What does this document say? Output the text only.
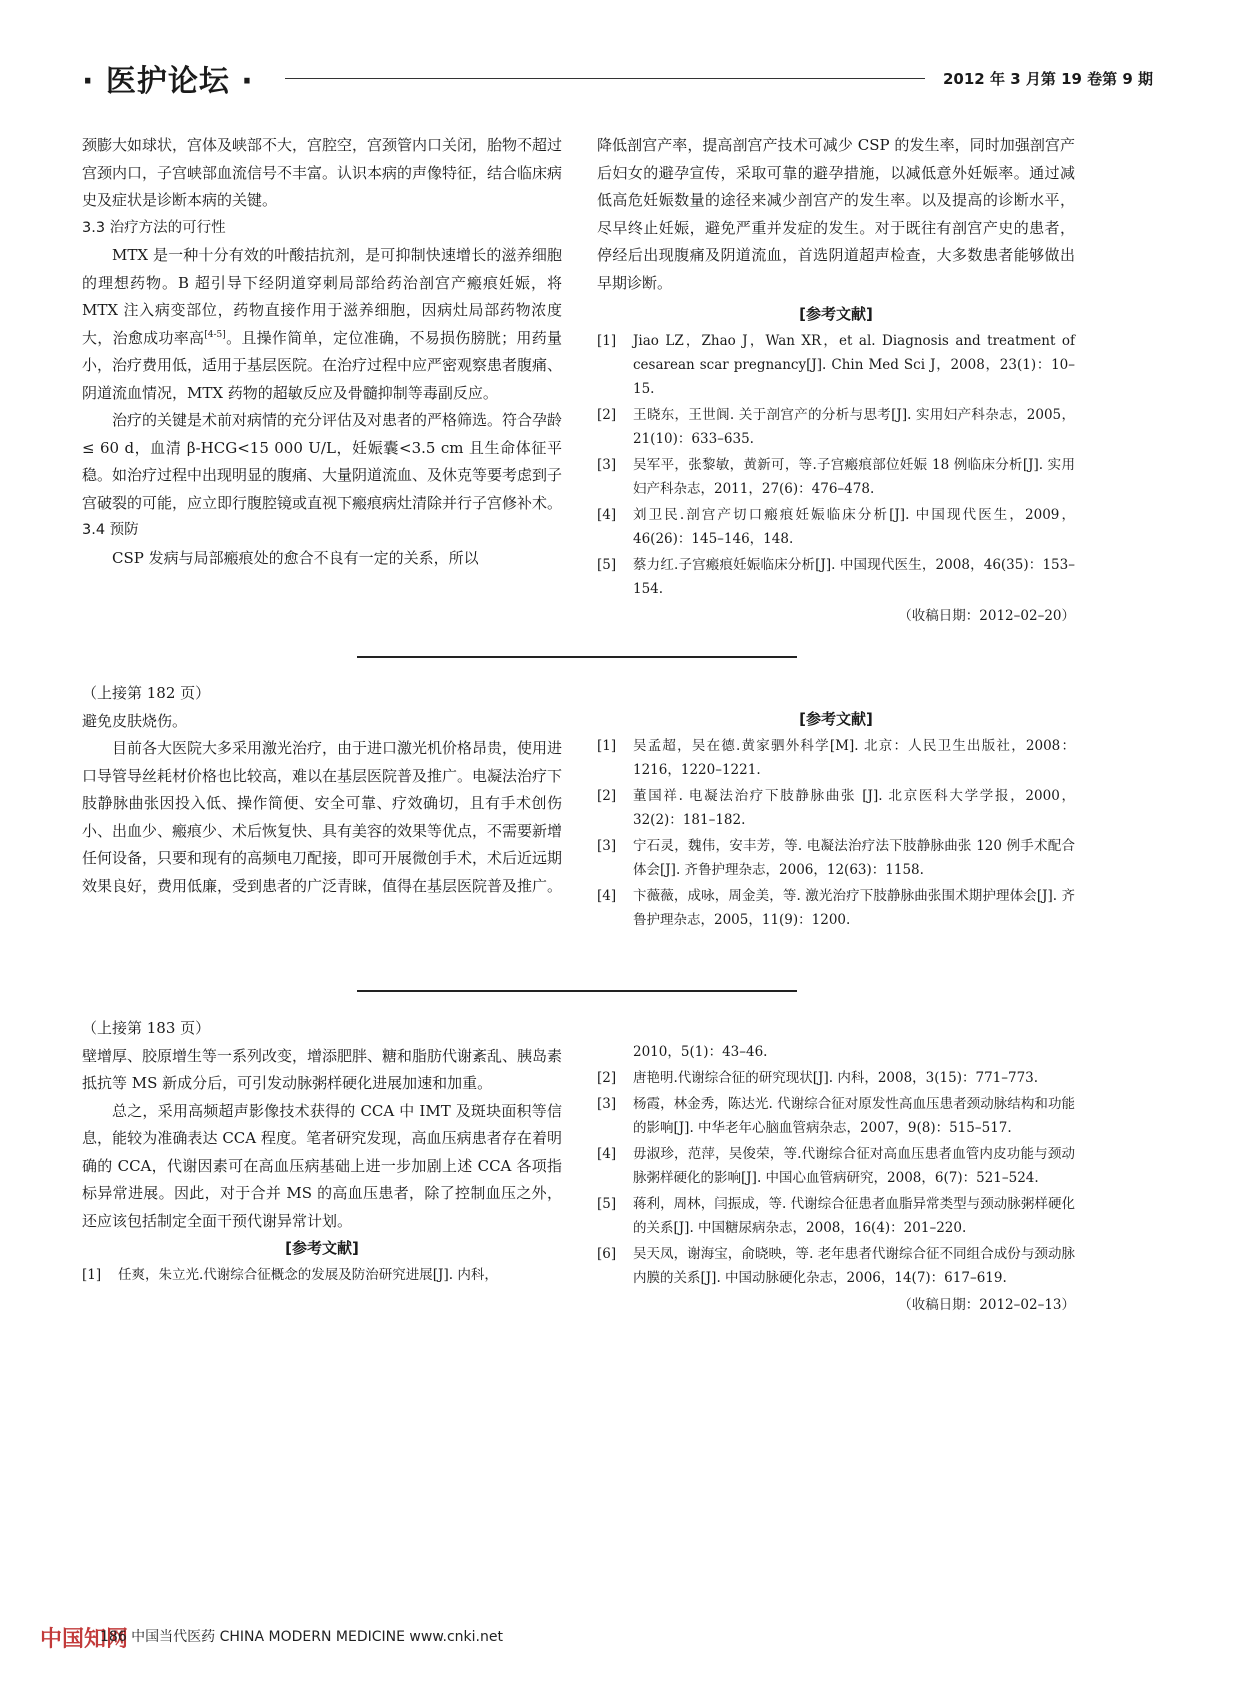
· 医护论坛 ·	2012 年 3 月第 19 卷第 9 期

颈膨大如球状，宫体及峡部不大，宫腔空，宫颈管内口关闭，胎物不超过宫颈内口，子宫峡部血流信号不丰富。认识本病的声像特征，结合临床病史及症状是诊断本病的关键。

3.3 治疗方法的可行性

MTX 是一种十分有效的叶酸拮抗剂，是可抑制快速增长的滋养细胞的理想药物。B 超引导下经阴道穿刺局部给药治剖宫产瘢痕妊娠，将 MTX 注入病变部位，药物直接作用于滋养细胞，因病灶局部药物浓度大，治愈成功率高[4-5]。且操作简单，定位准确，不易损伤膀胱；用药量小，治疗费用低，适用于基层医院。在治疗过程中应严密观察患者腹痛、阴道流血情况，MTX 药物的超敏反应及骨髓抑制等毒副反应。

治疗的关键是术前对病情的充分评估及对患者的严格筛选。符合孕龄 ≤ 60 d，血清 β-HCG<15 000 U/L，妊娠囊<3.5 cm 且生命体征平稳。如治疗过程中出现明显的腹痛、大量阴道流血、及休克等要考虑到子宫破裂的可能，应立即行腹腔镜或直视下瘢痕病灶清除并行子宫修补术。

3.4 预防

CSP 发病与局部瘢痕处的愈合不良有一定的关系，所以

降低剖宫产率，提高剖宫产技术可减少 CSP 的发生率，同时加强剖宫产后妇女的避孕宣传，采取可靠的避孕措施，以减低意外妊娠率。通过减低高危妊娠数量的途径来减少剖宫产的发生率。以及提高的诊断水平，尽早终止妊娠，避免严重并发症的发生。对于既往有剖宫产史的患者，停经后出现腹痛及阴道流血，首选阴道超声检查，大多数患者能够做出早期诊断。

[参考文献]

[1] Jiao LZ，Zhao J，Wan XR，et al. Diagnosis and treatment of cesarean scar pregnancy[J]. Chin Med Sci J，2008，23(1)：10–15.
[2] 王晓东，王世阆. 关于剖宫产的分析与思考[J]. 实用妇产科杂志，2005，21(10)：633–635.
[3] 吴军平，张黎敏，黄新可，等.子宫瘢痕部位妊娠 18 例临床分析[J]. 实用妇产科杂志，2011，27(6)：476–478.
[4] 刘卫民.剖宫产切口瘢痕妊娠临床分析[J]. 中国现代医生，2009，46(26)：145–146，148.
[5] 蔡力红.子宫瘢痕妊娠临床分析[J]. 中国现代医生，2008，46(35)：153–154.

（收稿日期：2012–02–20）

（上接第 182 页）

避免皮肤烧伤。

目前各大医院大多采用激光治疗，由于进口激光机价格昂贵，使用进口导管导丝耗材价格也比较高，难以在基层医院普及推广。电凝法治疗下肢静脉曲张因投入低、操作简便、安全可靠、疗效确切，且有手术创伤小、出血少、瘢痕少、术后恢复快、具有美容的效果等优点，不需要新增任何设备，只要和现有的高频电刀配接，即可开展微创手术，术后近远期效果良好，费用低廉，受到患者的广泛青睐，值得在基层医院普及推广。

[参考文献]

[1] 吴孟超，吴在德.黄家驷外科学[M]. 北京：人民卫生出版社，2008：1216，1220–1221.
[2] 董国祥. 电凝法治疗下肢静脉曲张 [J]. 北京医科大学学报，2000，32(2)：181–182.
[3] 宁石灵，魏伟，安丰芳，等. 电凝法治疗法下肢静脉曲张 120 例手术配合体会[J]. 齐鲁护理杂志，2006，12(63)：1158.
[4] 卞薇薇，成咏，周金美，等. 激光治疗下肢静脉曲张围术期护理体会[J]. 齐鲁护理杂志，2005，11(9)：1200.

（上接第 183 页）

壁增厚、胶原增生等一系列改变，增添肥胖、糖和脂肪代谢紊乱、胰岛素抵抗等 MS 新成分后，可引发动脉粥样硬化进展加速和加重。

总之，采用高频超声影像技术获得的 CCA 中 IMT 及斑块面积等信息，能较为准确表达 CCA 程度。笔者研究发现，高血压病患者存在着明确的 CCA，代谢因素可在高血压病基础上进一步加剧上述 CCA 各项指标异常进展。因此，对于合并 MS 的高血压患者，除了控制血压之外，还应该包括制定全面干预代谢异常计划。

[参考文献]

[1] 任爽，朱立光.代谢综合征概念的发展及防治研究进展[J]. 内科，
2010，5(1)：43–46.
[2] 唐艳明.代谢综合征的研究现状[J]. 内科，2008，3(15)：771–773.
[3] 杨霞，林金秀，陈达光. 代谢综合征对原发性高血压患者颈动脉结构和功能的影响[J]. 中华老年心脑血管病杂志，2007，9(8)：515–517.
[4] 毋淑珍，范萍，吴俊荣，等.代谢综合征对高血压患者血管内皮功能与颈动脉粥样硬化的影响[J]. 中国心血管病研究，2008，6(7)：521–524.
[5] 蒋利，周林，闫振成，等. 代谢综合征患者血脂异常类型与颈动脉粥样硬化的关系[J]. 中国糖尿病杂志，2008，16(4)：201–220.
[6] 吴天凤，谢海宝，俞晓映，等. 老年患者代谢综合征不同组合成份与颈动脉内膜的关系[J]. 中国动脉硬化杂志，2006，14(7)：617–619.

（收稿日期：2012–02–13）

中国知网
186 中国当代医药 CHINA MODERN MEDICINE www.cnki.net
